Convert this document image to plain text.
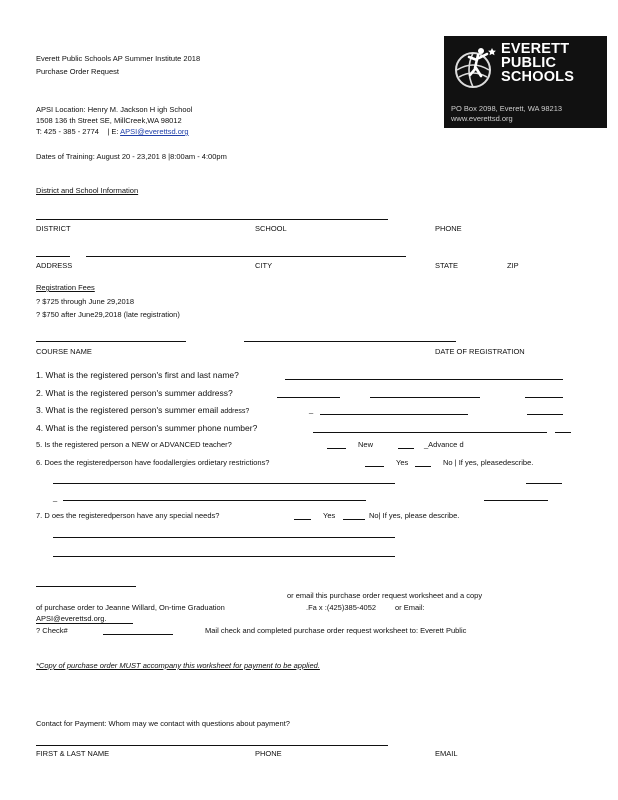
Everett Public Schools AP Summer Institute 2018
Purchase Order Request
EVERETT
PUBLIC
SCHOOLS
PO Box 2098, Everett, WA 98213
www.everettsd.org
APSI Location: Henry M. Jackson H igh School
1508 136 th Street SE, MillCreek,WA 98012
T: 425 - 385 - 2774 | E: APSI@everettsd.org
Dates of Training: August 20 - 23,201 8 |8:00am - 4:00pm
District and School Information
DISTRICT	SCHOOL	PHONE
ADDRESS	CITY	STATE	ZIP
Registration Fees
? $725 through June 29,2018
? $750 after June29,2018 (late registration)
COURSE NAME	DATE OF REGISTRATION
1. What is the registered person's first and last name?
2. What is the registered person's summer address?
3. What is the registered person's summer email address?	_
4. What is the registered person's summer phone number?
5. Is the registered person a NEW or ADVANCED teacher?	New	_Advance d
6. Does the registeredperson have foodallergies ordietary restrictions?	Yes	No | If yes, pleasedescribe.
_
7. D oes the registeredperson have any special needs?	Yes	No| If yes, please describe.
or email this purchase order request worksheet and a copy
of purchase order to Jeanne Willard, On-time Graduation	.Fa x :(425)385-4052	or Email:
APSI@everettsd.org.
? Check#	Mail check and completed purchase order request worksheet to: Everett Public
*Copy of purchase order MUST accompany this worksheet for payment to be applied.
Contact for Payment: Whom may we contact with questions about payment?
FIRST & LAST NAME	PHONE	EMAIL
